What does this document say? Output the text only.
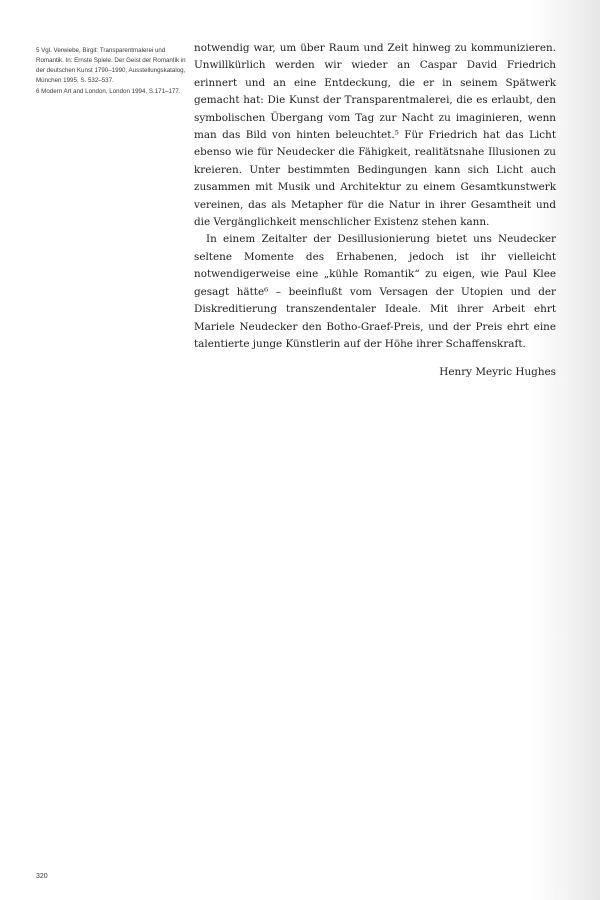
5 Vgl. Verwiebe, Birgit: Transparentmalerei und Romantik. In: Ernste Spiele. Der Geist der Romantik in der deutschen Kunst 1790–1990, Ausstellungskatalog, München 1995, S. 532–537.

6 Modern Art and London, London 1994, S.171–177.

notwendig war, um über Raum und Zeit hinweg zu kommunizieren. Unwillkürlich werden wir wieder an Caspar David Friedrich erinnert und an eine Entdeckung, die er in seinem Spätwerk gemacht hat: Die Kunst der Transparentmalerei, die es erlaubt, den symbolischen Übergang vom Tag zur Nacht zu imaginieren, wenn man das Bild von hinten beleuchtet.⁵ Für Friedrich hat das Licht ebenso wie für Neudecker die Fähigkeit, realitätsnahe Illusionen zu kreieren. Unter bestimmten Bedingungen kann sich Licht auch zusammen mit Musik und Architektur zu einem Gesamtkunstwerk vereinen, das als Metapher für die Natur in ihrer Gesamtheit und die Vergänglichkeit menschlicher Existenz stehen kann.

In einem Zeitalter der Desillusionierung bietet uns Neudecker seltene Momente des Erhabenen, jedoch ist ihr vielleicht notwendigerweise eine „kühle Romantik“ zu eigen, wie Paul Klee gesagt hätte⁶ – beeinflußt vom Versagen der Utopien und der Diskreditierung transzendentaler Ideale. Mit ihrer Arbeit ehrt Mariele Neudecker den Botho-Graef-Preis, und der Preis ehrt eine talentierte junge Künstlerin auf der Höhe ihrer Schaffenskraft.

Henry Meyric Hughes
320
